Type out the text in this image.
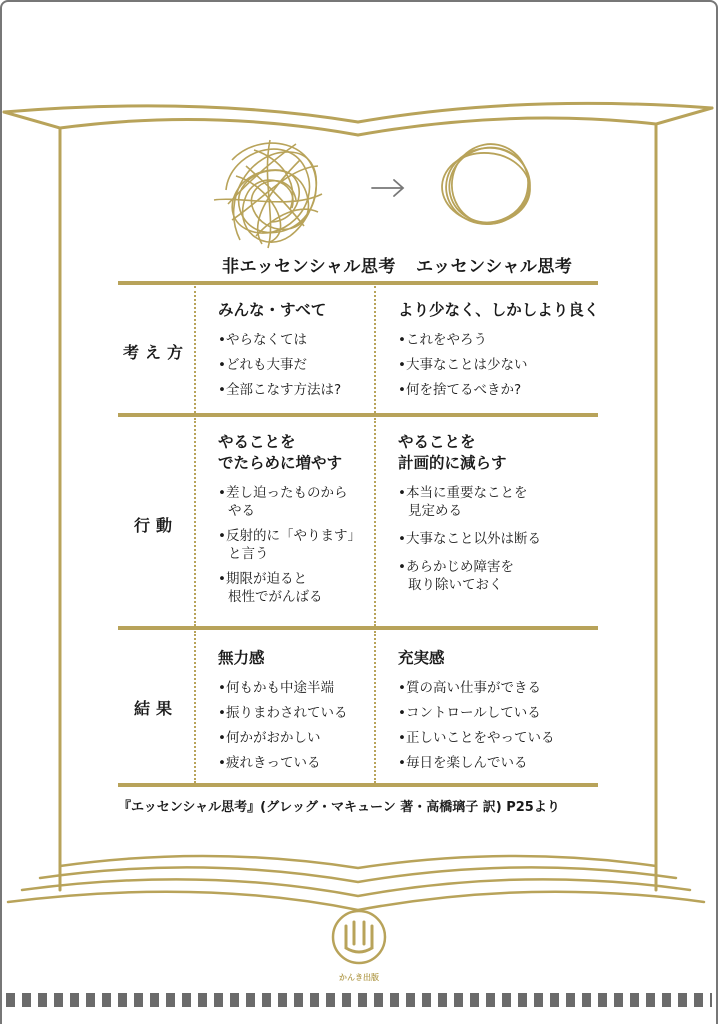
非エッセンシャル思考 エッセンシャル思考
考え方
みんな・すべて
•やらなくては
•どれも大事だ
•全部こなす方法は?
より少なく、しかしより良く
•これをやろう
•大事なことは少ない
•何を捨てるべきか?
行動
やることを
でたらめに増やす
•差し迫ったものから
やる
•反射的に「やります」
と言う
•期限が迫ると
根性でがんばる
やることを
計画的に減らす
•本当に重要なことを
見定める
•大事なこと以外は断る
•あらかじめ障害を
取り除いておく
結果
無力感
•何もかも中途半端
•振りまわされている
•何かがおかしい
•疲れきっている
充実感
•質の高い仕事ができる
•コントロールしている
•正しいことをやっている
•毎日を楽しんでいる
『エッセンシャル思考』(グレッグ・マキューン 著・高橋璃子 訳) P25より
かんき出版
